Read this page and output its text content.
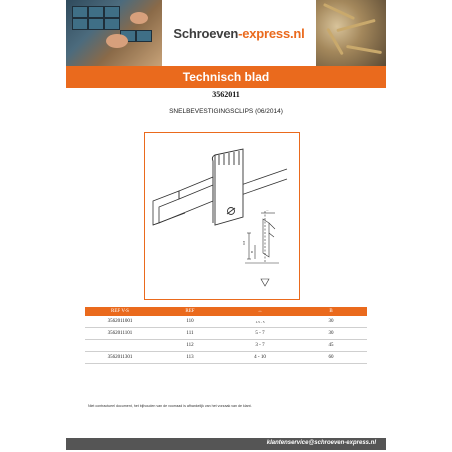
Schroeven-express.nl
Technisch blad
3562011
SNELBEVESTIGINGSCLIPS (06/2014)
0.8
B
↔
REF V-S	REF	↔	B
3562011001	110	1.5 - 5	30
3562011101	111	5 - 7	30
	112	3 - 7	45
3562011301	113	4 - 10	60
Niet contractueel document, het bijhouden van de voorraad is afhankelijk van het vorzaak van de klant.
klantenservice@schroeven-express.nl
